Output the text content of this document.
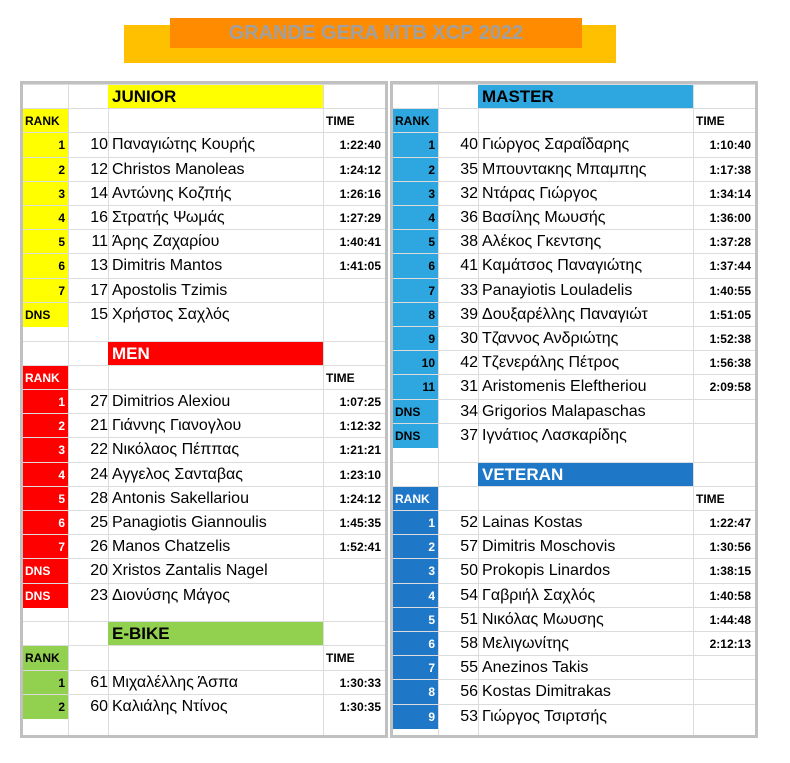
GRANDE GERA MTB XCP 2022
JUNIOR
RANK	TIME
1	10 Παναγιώτης Κουρής	1:22:40
2	12 Christos Manoleas	1:24:12
3	14 Αντώνης Κοζπής	1:26:16
4	16 Στρατής Ψωμάς	1:27:29
5	11 Άρης Ζαχαρίου	1:40:41
6	13 Dimitris Mantos	1:41:05
7	17 Apostolis Tzimis
DNS	15 Χρήστος Σαχλός
MEN
RANK	TIME
1	27 Dimitrios Alexiou	1:07:25
2	21 Γιάννης Γιανογλου	1:12:32
3	22 Νικόλαος Πέππας	1:21:21
4	24 Αγγελος Σανταβας	1:23:10
5	28 Antonis Sakellariou	1:24:12
6	25 Panagiotis Giannoulis	1:45:35
7	26 Manos Chatzelis	1:52:41
DNS	20 Xristos Zantalis Nagel
DNS	23 Διονύσης Μάγος
E-BIKE
RANK	TIME
1	61 Μιχαλέλλης Άσπα	1:30:33
2	60 Καλιάλης Ντίνος	1:30:35
MASTER
RANK	TIME
1	40 Γιώργος Σαραΐδαρης	1:10:40
2	35 Μπουντακης Μπαμπης	1:17:38
3	32 Ντάρας Γιώργος	1:34:14
4	36 Βασίλης Μωυσής	1:36:00
5	38 Αλέκος Γκεντσης	1:37:28
6	41 Καμάτσος Παναγιώτης	1:37:44
7	33 Panayiotis Louladelis	1:40:55
8	39 Δουξαρέλλης Παναγιώτ	1:51:05
9	30 Τζαννος Ανδριώτης	1:52:38
10	42 Τζενεράλης Πέτρος	1:56:38
11	31 Aristomenis Eleftheriou	2:09:58
DNS	34 Grigorios Malapaschas
DNS	37 Ιγνάτιος Λασκαρίδης
VETERAN
RANK	TIME
1	52 Lainas Kostas	1:22:47
2	57 Dimitris Moschovis	1:30:56
3	50 Prokopis Linardos	1:38:15
4	54 Γαβριήλ Σαχλός	1:40:58
5	51 Νικόλας Μωυσης	1:44:48
6	58 Μελιγωνίτης	2:12:13
7	55 Anezinos Takis
8	56 Kostas Dimitrakas
9	53 Γιώργος Τσιρτσής
